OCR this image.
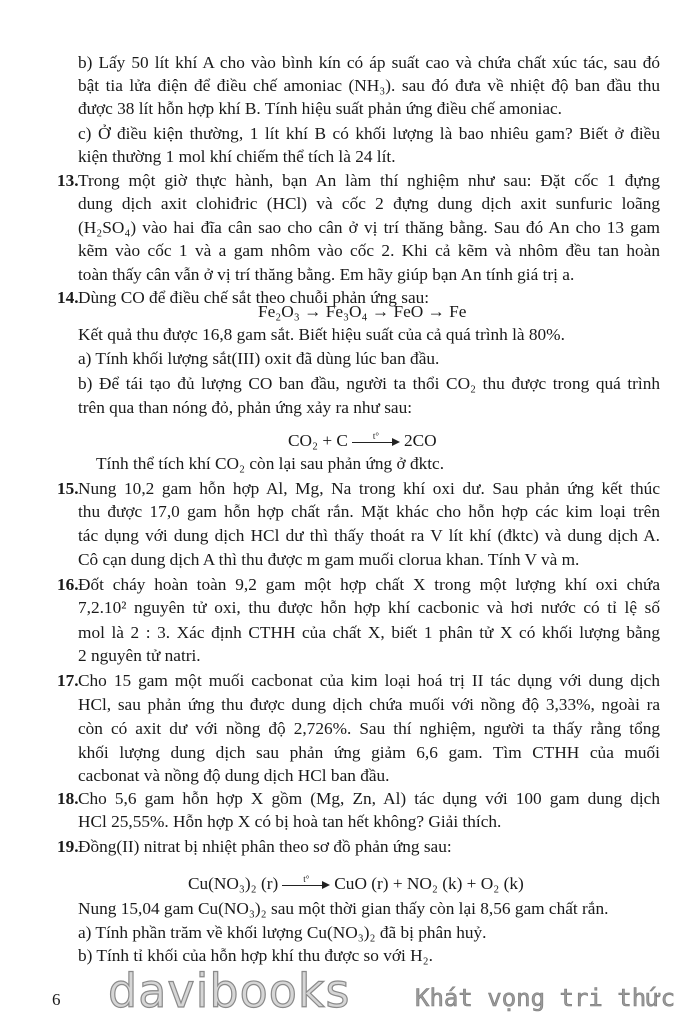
b) Lấy 50 lít khí A cho vào bình kín có áp suất cao và chứa chất xúc tác, sau đó
bật tia lửa điện để điều chế amoniac (NH₃). sau đó đưa về nhiệt độ ban đầu thu
được 38 lít hỗn hợp khí B. Tính hiệu suất phản ứng điều chế amoniac.
c) Ở điều kiện thường, 1 lít khí B có khối lượng là bao nhiêu gam? Biết ở điều
kiện thường 1 mol khí chiếm thể tích là 24 lít.
13. Trong một giờ thực hành, bạn An làm thí nghiệm như sau: Đặt cốc 1 đựng
dung dịch axit clohiđric (HCl) và cốc 2 đựng dung dịch axit sunfuric loãng
(H₂SO₄) vào hai đĩa cân sao cho cân ở vị trí thăng bằng. Sau đó An cho 13 gam
kẽm vào cốc 1 và a gam nhôm vào cốc 2. Khi cả kẽm và nhôm đều tan hoàn
toàn thấy cân vẫn ở vị trí thăng bằng. Em hãy giúp bạn An tính giá trị a.
14. Dùng CO để điều chế sắt theo chuỗi phản ứng sau:
Fe₂O₃ → Fe₃O₄ → FeO → Fe
Kết quả thu được 16,8 gam sắt. Biết hiệu suất của cả quá trình là 80%.
a) Tính khối lượng sắt(III) oxit đã dùng lúc ban đầu.
b) Để tái tạo đủ lượng CO ban đầu, người ta thổi CO₂ thu được trong quá trình
trên qua than nóng đỏ, phản ứng xảy ra như sau:
CO₂ + C	t°	2CO
Tính thể tích khí CO₂ còn lại sau phản ứng ở đktc.
15. Nung 10,2 gam hỗn hợp Al, Mg, Na trong khí oxi dư. Sau phản ứng kết thúc
thu được 17,0 gam hỗn hợp chất rắn. Mặt khác cho hỗn hợp các kim loại trên
tác dụng với dung dịch HCl dư thì thấy thoát ra V lít khí (đktc) và dung dịch A.
Cô cạn dung dịch A thì thu được m gam muối clorua khan. Tính V và m.
16. Đốt cháy hoàn toàn 9,2 gam một hợp chất X trong một lượng khí oxi chứa
7,2.10² nguyên tử oxi, thu được hỗn hợp khí cacbonic và hơi nước có tỉ lệ số
mol là 2 : 3. Xác định CTHH của chất X, biết 1 phân tử X có khối lượng bằng
2 nguyên tử natri.
17. Cho 15 gam một muối cacbonat của kim loại hoá trị II tác dụng với dung dịch
HCl, sau phản ứng thu được dung dịch chứa muối với nồng độ 3,33%, ngoài ra
còn có axit dư với nồng độ 2,726%. Sau thí nghiệm, người ta thấy rằng tổng
khối lượng dung dịch sau phản ứng giảm 6,6 gam. Tìm CTHH của muối
cacbonat và nồng độ dung dịch HCl ban đầu.
18. Cho 5,6 gam hỗn hợp X gồm (Mg, Zn, Al) tác dụng với 100 gam dung dịch
HCl 25,55%. Hỗn hợp X có bị hoà tan hết không? Giải thích.
19. Đồng(II) nitrat bị nhiệt phân theo sơ đồ phản ứng sau:
Cu(NO₃)₂ (r)	t°	CuO (r) + NO₂ (k) + O₂ (k)
Nung 15,04 gam Cu(NO₃)₂ sau một thời gian thấy còn lại 8,56 gam chất rắn.
a) Tính phần trăm về khối lượng Cu(NO₃)₂ đã bị phân huỷ.
b) Tính tỉ khối của hỗn hợp khí thu được so với H₂.
6 davibooks	Khát vọng tri thức
